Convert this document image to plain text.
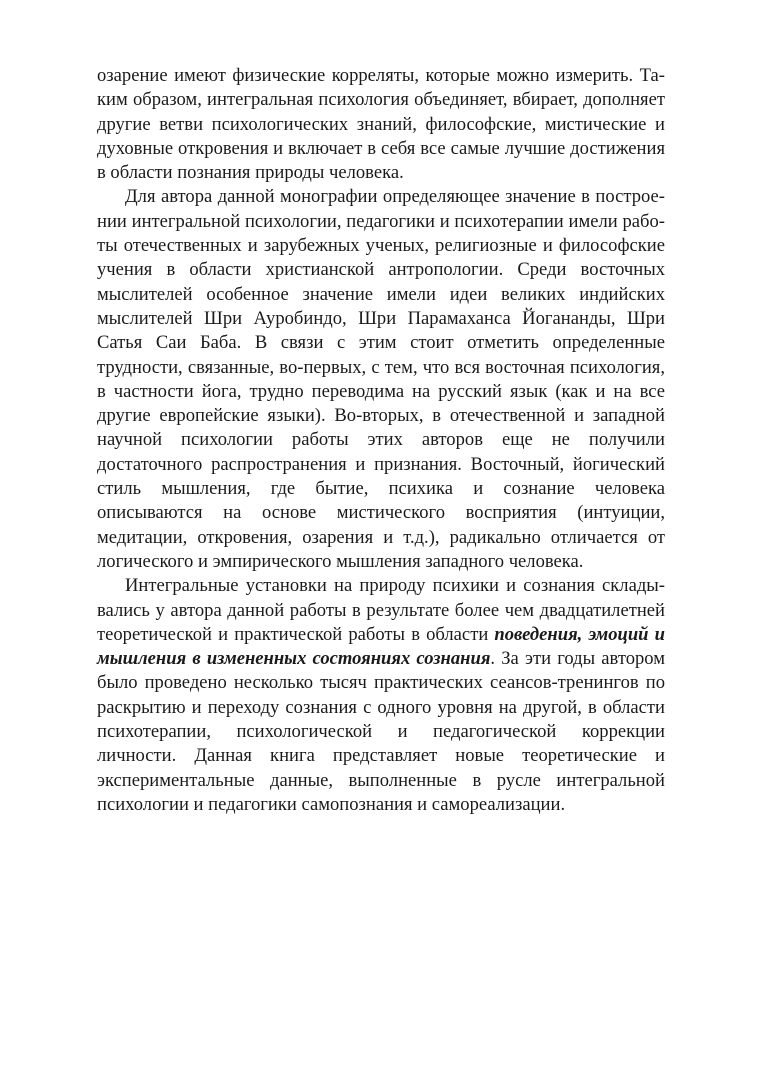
озарение имеют физические корреляты, которые можно измерить. Таким образом, интегральная психология объединяет, вбирает, дополняет другие ветви психологических знаний, философские, мистические и духовные откровения и включает в себя все самые лучшие достижения в области познания природы человека.

Для автора данной монографии определяющее значение в построении интегральной психологии, педагогики и психотерапии имели работы отечественных и зарубежных ученых, религиозные и философские учения в области христианской антропологии. Среди восточных мыслителей особенное значение имели идеи великих индийских мыслителей Шри Ауробиндо, Шри Парамаханса Йогананды, Шри Сатья Саи Баба. В связи с этим стоит отметить определенные трудности, связанные, во-первых, с тем, что вся восточная психология, в частности йога, трудно переводима на русский язык (как и на все другие европейские языки). Во-вторых, в отечественной и западной научной психологии работы этих авторов еще не получили достаточного распространения и признания. Восточный, йогический стиль мышления, где бытие, психика и сознание человека описываются на основе мистического восприятия (интуиции, медитации, откровения, озарения и т.д.), радикально отличается от логического и эмпирического мышления западного человека.

Интегральные установки на природу психики и сознания складывались у автора данной работы в результате более чем двадцатилетней теоретической и практической работы в области поведения, эмоций и мышления в измененных состояниях сознания. За эти годы автором было проведено несколько тысяч практических сеансов-тренингов по раскрытию и переходу сознания с одного уровня на другой, в области психотерапии, психологической и педагогической коррекции личности. Данная книга представляет новые теоретические и экспериментальные данные, выполненные в русле интегральной психологии и педагогики самопознания и самореализации.
